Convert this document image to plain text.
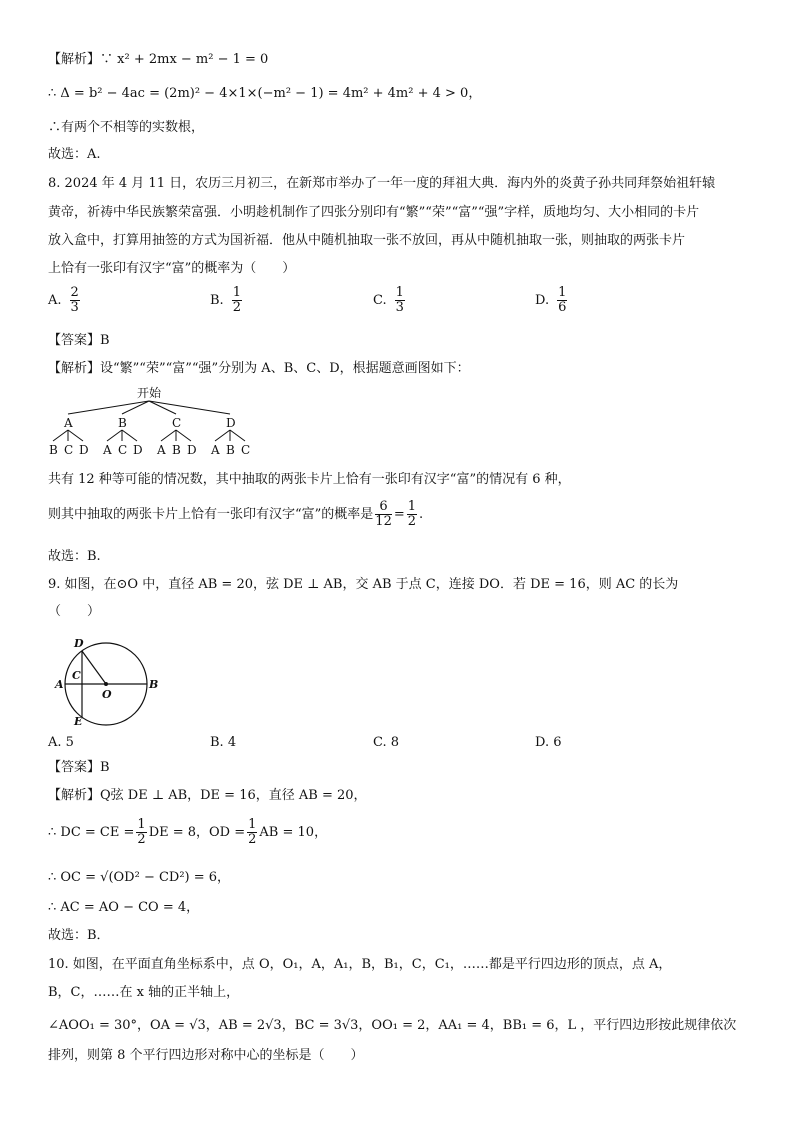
【解析】∵ x² + 2mx − m² − 1 = 0
∴ Δ = b² − 4ac = (2m)² − 4×1×(−m² − 1) = 4m² + 4m² + 4 > 0，
∴有两个不相等的实数根，
故选：A.
8. 2024 年 4 月 11 日，农历三月初三，在新郑市举办了一年一度的拜祖大典．海内外的炎黄子孙共同拜祭始祖轩辕
黄帝，祈祷中华民族繁荣富强．小明趁机制作了四张分别印有“繁”“荣”“富”“强”字样，质地均匀、大小相同的卡片
放入盒中，打算用抽签的方式为国祈福．他从中随机抽取一张不放回，再从中随机抽取一张，则抽取的两张卡片
上恰有一张印有汉字“富”的概率为（　　）
A. $\frac{2}{3}$	B. $\frac{1}{2}$	C. $\frac{1}{3}$	D. $\frac{1}{6}$
【答案】B
【解析】设“繁”“荣”“富”“强”分别为 A、B、C、D，根据题意画图如下：
开始
A	B	C	D
B C D A C D A B D A B C
共有 12 种等可能的情况数，其中抽取的两张卡片上恰有一张印有汉字“富”的情况有 6 种，
则其中抽取的两张卡片上恰有一张印有汉字“富”的概率是 $\frac{6}{12} = \frac{1}{2}$ .
故选：B.
9. 如图，在⊙O 中，直径 AB = 20，弦 DE ⊥ AB，交 AB 于点 C，连接 DO．若 DE = 16，则 AC 的长为
（　　）
D
C
A
O
B
E
A. 5	B. 4	C. 8	D. 6
【答案】B
【解析】Q弦 DE ⊥ AB，DE = 16，直径 AB = 20，
∴ DC = CE = $\frac{1}{2}$ DE = 8，OD = $\frac{1}{2}$ AB = 10，
∴ OC = √(OD² − CD²) = 6，
∴ AC = AO − CO = 4，
故选：B．
10. 如图，在平面直角坐标系中，点 O，O₁，A，A₁，B，B₁，C，C₁，……都是平行四边形的顶点，点 A，
B，C，……在 x 轴的正半轴上，
∠AOO₁ = 30°，OA = √3，AB = 2√3，BC = 3√3，OO₁ = 2，AA₁ = 4，BB₁ = 6，L ，平行四边形按此规律依次
排列，则第 8 个平行四边形对称中心的坐标是（　　）
